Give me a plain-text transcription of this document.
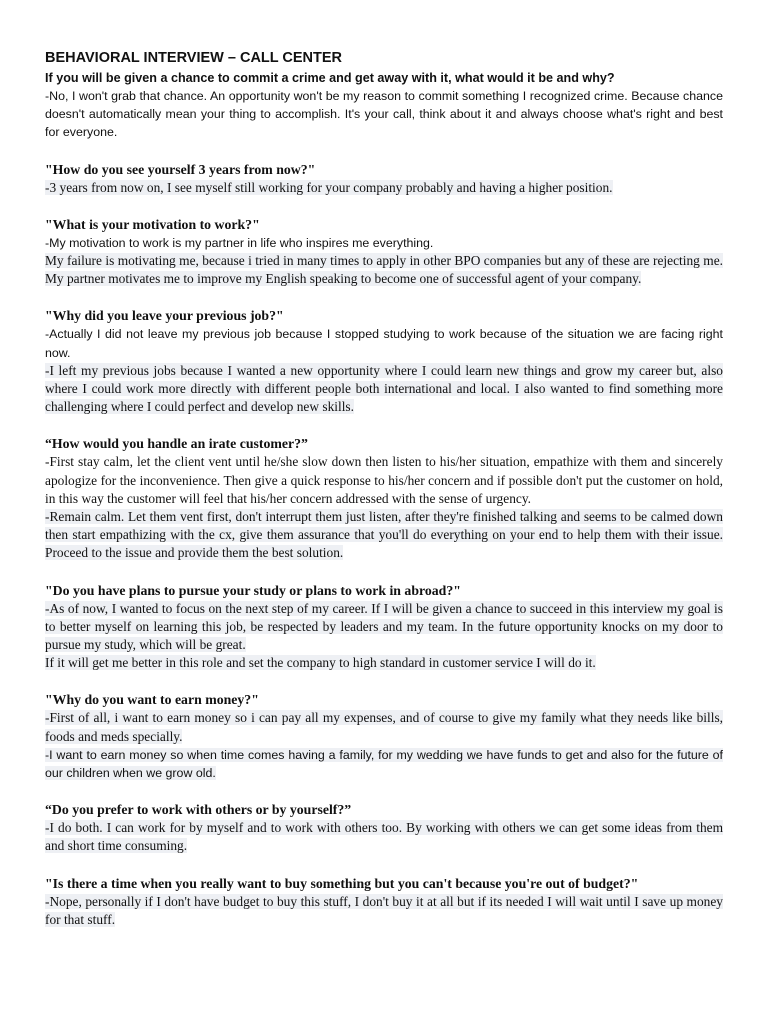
BEHAVIORAL INTERVIEW – CALL CENTER

If you will be given a chance to commit a crime and get away with it, what would it be and why?

-No, I won't grab that chance. An opportunity won't be my reason to commit something I recognized crime. Because chance doesn't automatically mean your thing to accomplish. It's your call, think about it and always choose what's right and best for everyone.

"How do you see yourself 3 years from now?"

-3 years from now on, I see myself still working for your company probably and having a higher position.

"What is your motivation to work?"

-My motivation to work is my partner in life who inspires me everything.

My failure is motivating me, because i tried in many times to apply in other BPO companies but any of these are rejecting me. My partner motivates me to improve my English speaking to become one of successful agent of your company.

"Why did you leave your previous job?"

-Actually I did not leave my previous job because I stopped studying to work because of the situation we are facing right now.

-I left my previous jobs because I wanted a new opportunity where I could learn new things and grow my career but, also where I could work more directly with different people both international and local. I also wanted to find something more challenging where I could perfect and develop new skills.

“How would you handle an irate customer?”

-First stay calm, let the client vent until he/she slow down then listen to his/her situation, empathize with them and sincerely apologize for the inconvenience. Then give a quick response to his/her concern and if possible don't put the customer on hold, in this way the customer will feel that his/her concern addressed with the sense of urgency.

-Remain calm. Let them vent first, don't interrupt them just listen, after they're finished talking and seems to be calmed down then start empathizing with the cx, give them assurance that you'll do everything on your end to help them with their issue. Proceed to the issue and provide them the best solution.

"Do you have plans to pursue your study or plans to work in abroad?"

-As of now, I wanted to focus on the next step of my career. If I will be given a chance to succeed in this interview my goal is to better myself on learning this job, be respected by leaders and my team. In the future opportunity knocks on my door to pursue my study, which will be great.

If it will get me better in this role and set the company to high standard in customer service I will do it.

"Why do you want to earn money?"

-First of all, i want to earn money so i can pay all my expenses, and of course to give my family what they needs like bills, foods and meds specially.

-I want to earn money so when time comes having a family, for my wedding we have funds to get and also for the future of our children when we grow old.

“Do you prefer to work with others or by yourself?”

-I do both. I can work for by myself and to work with others too. By working with others we can get some ideas from them and short time consuming.

"Is there a time when you really want to buy something but you can't because you're out of budget?"

-Nope, personally if I don't have budget to buy this stuff, I don't buy it at all but if its needed I will wait until I save up money for that stuff.
